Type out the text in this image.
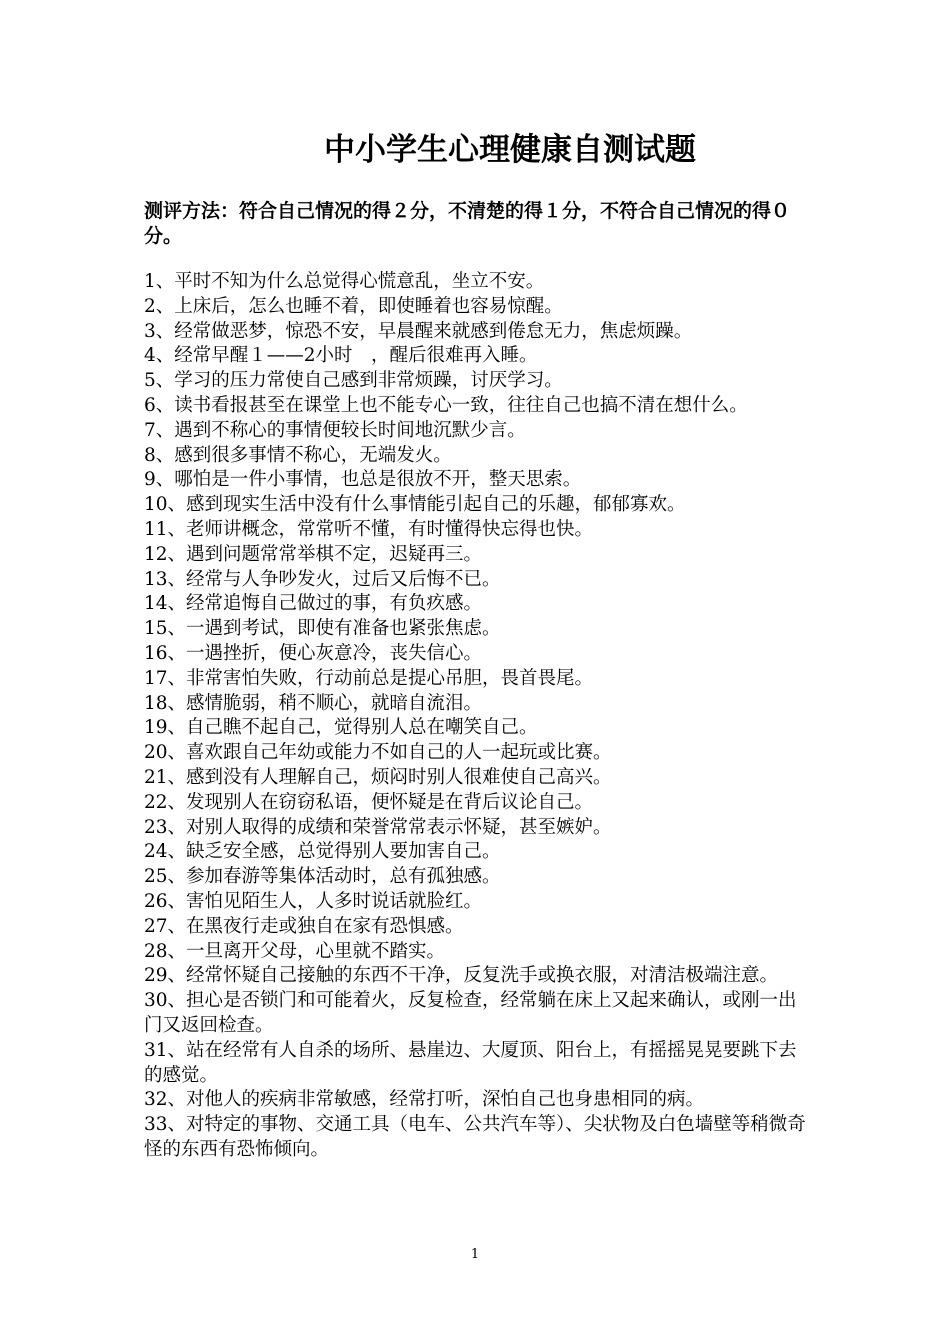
中小学生心理健康自测试题
测评方法：符合自己情况的得２分，不清楚的得１分，不符合自己情况的得０分。
1、平时不知为什么总觉得心慌意乱，坐立不安。
2、上床后，怎么也睡不着，即使睡着也容易惊醒。
3、经常做恶梦，惊恐不安，早晨醒来就感到倦怠无力，焦虑烦躁。
4、经常早醒１——2小时　，醒后很难再入睡。
5、学习的压力常使自己感到非常烦躁，讨厌学习。
6、读书看报甚至在课堂上也不能专心一致，往往自己也搞不清在想什么。
7、遇到不称心的事情便较长时间地沉默少言。
8、感到很多事情不称心，无端发火。
9、哪怕是一件小事情，也总是很放不开，整天思索。
10、感到现实生活中没有什么事情能引起自己的乐趣，郁郁寡欢。
11、老师讲概念，常常听不懂，有时懂得快忘得也快。
12、遇到问题常常举棋不定，迟疑再三。
13、经常与人争吵发火，过后又后悔不已。
14、经常追悔自己做过的事，有负疚感。
15、一遇到考试，即使有准备也紧张焦虑。
16、一遇挫折，便心灰意冷，丧失信心。
17、非常害怕失败，行动前总是提心吊胆，畏首畏尾。
18、感情脆弱，稍不顺心，就暗自流泪。
19、自己瞧不起自己，觉得别人总在嘲笑自己。
20、喜欢跟自己年幼或能力不如自己的人一起玩或比赛。
21、感到没有人理解自己，烦闷时别人很难使自己高兴。
22、发现别人在窃窃私语，便怀疑是在背后议论自己。
23、对别人取得的成绩和荣誉常常表示怀疑，甚至嫉妒。
24、缺乏安全感，总觉得别人要加害自己。
25、参加春游等集体活动时，总有孤独感。
26、害怕见陌生人，人多时说话就脸红。
27、在黑夜行走或独自在家有恐惧感。
28、一旦离开父母，心里就不踏实。
29、经常怀疑自己接触的东西不干净，反复洗手或换衣服，对清洁极端注意。
30、担心是否锁门和可能着火，反复检查，经常躺在床上又起来确认，或刚一出门又返回检查。
31、站在经常有人自杀的场所、悬崖边、大厦顶、阳台上，有摇摇晃晃要跳下去的感觉。
32、对他人的疾病非常敏感，经常打听，深怕自己也身患相同的病。
33、对特定的事物、交通工具（电车、公共汽车等）、尖状物及白色墙壁等稍微奇怪的东西有恐怖倾向。
1
